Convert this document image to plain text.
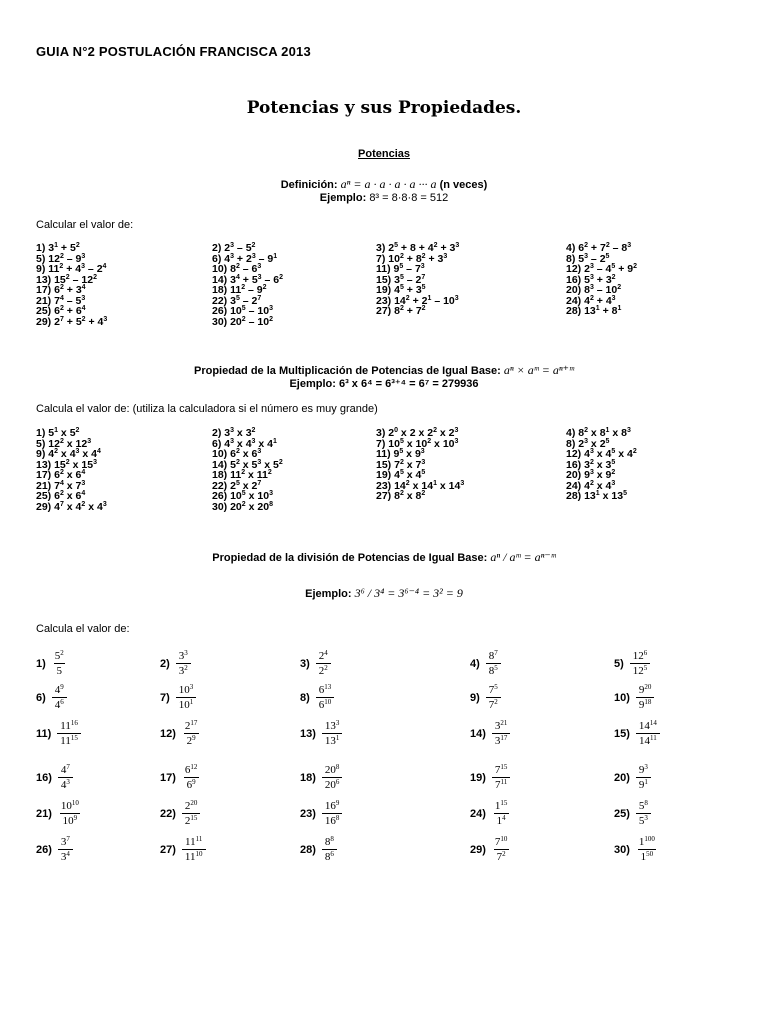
GUIA N°2 POSTULACIÓN FRANCISCA 2013
Potencias y sus Propiedades.
Potencias
Definición: aⁿ = a · a · a · a ··· a (n veces)
Ejemplo: 8³ = 8·8·8 = 512
Calcular el valor de:
1) $3^1 + 5^2$	2) $2^3 - 5^2$	3) $2^5 + 8 + 4^2 + 3^3$	4) $6^2 + 7^2 - 8^3$
5) $12^2 - 9^3$	6) $4^3 + 2^3 - 9^1$	7) $10^2 + 8^2 + 3^3$	8) $5^3 - 2^5$
9) $11^2 + 4^3 - 2^4$	10) $8^2 - 6^3$	11) $9^5 - 7^3$	12) $2^3 - 4^5 + 9^2$
13) $15^2 - 12^2$	14) $3^4 + 5^3 - 6^2$	15) $3^5 - 2^7$	16) $5^3 + 3^2$
17) $6^2 + 3^4$	18) $11^2 - 9^2$	19) $4^5 + 3^5$	20) $8^3 - 10^2$
21) $7^4 - 5^3$	22) $3^5 - 2^7$	23) $14^2 + 2^1 - 10^3$	24) $4^2 + 4^3$
25) $6^2 + 6^4$	26) $10^5 - 10^3$	27) $8^2 + 7^2$	28) $13^1 + 8^1$
29) $2^7 + 5^2 + 4^3$	30) $20^2 - 10^2$
Propiedad de la Multiplicación de Potencias de Igual Base: aⁿ × aᵐ = aⁿ⁺ᵐ
Ejemplo: 6³ x 6⁴ = 6³⁺⁴ = 6⁷ = 279936
Calcula el valor de: (utiliza la calculadora si el número es muy grande)
1) $5^1$ x $5^2$	2) $3^3$ x $3^2$	3) $2^0$ x 2 x $2^2$ x $2^3$	4) $8^2$ x $8^1$ x $8^3$
5) $12^2$ x $12^3$	6) $4^3$ x $4^3$ x $4^1$	7) $10^5$ x $10^2$ x $10^3$	8) $2^3$ x $2^5$
9) $4^2$ x $4^3$ x $4^4$	10) $6^2$ x $6^3$	11) $9^5$ x $9^3$	12) $4^3$ x $4^5$ x $4^2$
13) $15^2$ x $15^3$	14) $5^2$ x $5^3$ x $5^2$	15) $7^2$ x $7^3$	16) $3^2$ x $3^5$
17) $6^2$ x $6^4$	18) $11^2$ x $11^2$	19) $4^5$ x $4^5$	20) $9^3$ x $9^2$
21) $7^4$ x $7^3$	22) $2^5$ x $2^7$	23) $14^2$ x $14^1$ x $14^3$	24) $4^2$ x $4^3$
25) $6^2$ x $6^4$	26) $10^5$ x $10^3$	27) $8^2$ x $8^2$	28) $13^1$ x $13^5$
29) $4^7$ x $4^2$ x $4^3$	30) $20^2$ x $20^8$
Propiedad de la división de Potencias de Igual Base: aⁿ / aᵐ = aⁿ⁻ᵐ
Ejemplo: 3⁶ / 3⁴ = 3⁶⁻⁴ = 3² = 9
Calcula el valor de:
$1) \frac{5^2}{5}$	$2) \frac{3^3}{3^2}$	$3) \frac{2^4}{2^2}$	$4) \frac{8^7}{8^5}$	$5) \frac{12^6}{12^5}$
$6) \frac{4^9}{4^6}$	$7) \frac{10^3}{10^1}$	$8) \frac{6^{13}}{6^{10}}$	$9) \frac{7^5}{7^2}$	$10) \frac{9^{20}}{9^{18}}$
$11) \frac{11^{16}}{11^{15}}$	$12) \frac{2^{17}}{2^9}$	$13) \frac{13^3}{13^1}$	$14) \frac{3^{21}}{3^{17}}$	$15) \frac{14^{14}}{14^{11}}$
$16) \frac{4^7}{4^3}$	$17) \frac{6^{12}}{6^9}$	$18) \frac{20^8}{20^6}$	$19) \frac{7^{15}}{7^{11}}$	$20) \frac{9^3}{9^1}$
$21) \frac{10^{10}}{10^9}$	$22) \frac{2^{20}}{2^{15}}$	$23) \frac{16^9}{16^8}$	$24) \frac{1^{15}}{1^4}$	$25) \frac{5^8}{5^3}$
$26) \frac{3^7}{3^4}$	$27) \frac{11^{11}}{11^{10}}$	$28) \frac{8^8}{8^6}$	$29) \frac{7^{10}}{7^2}$	$30) \frac{1^{100}}{1^{50}}$
